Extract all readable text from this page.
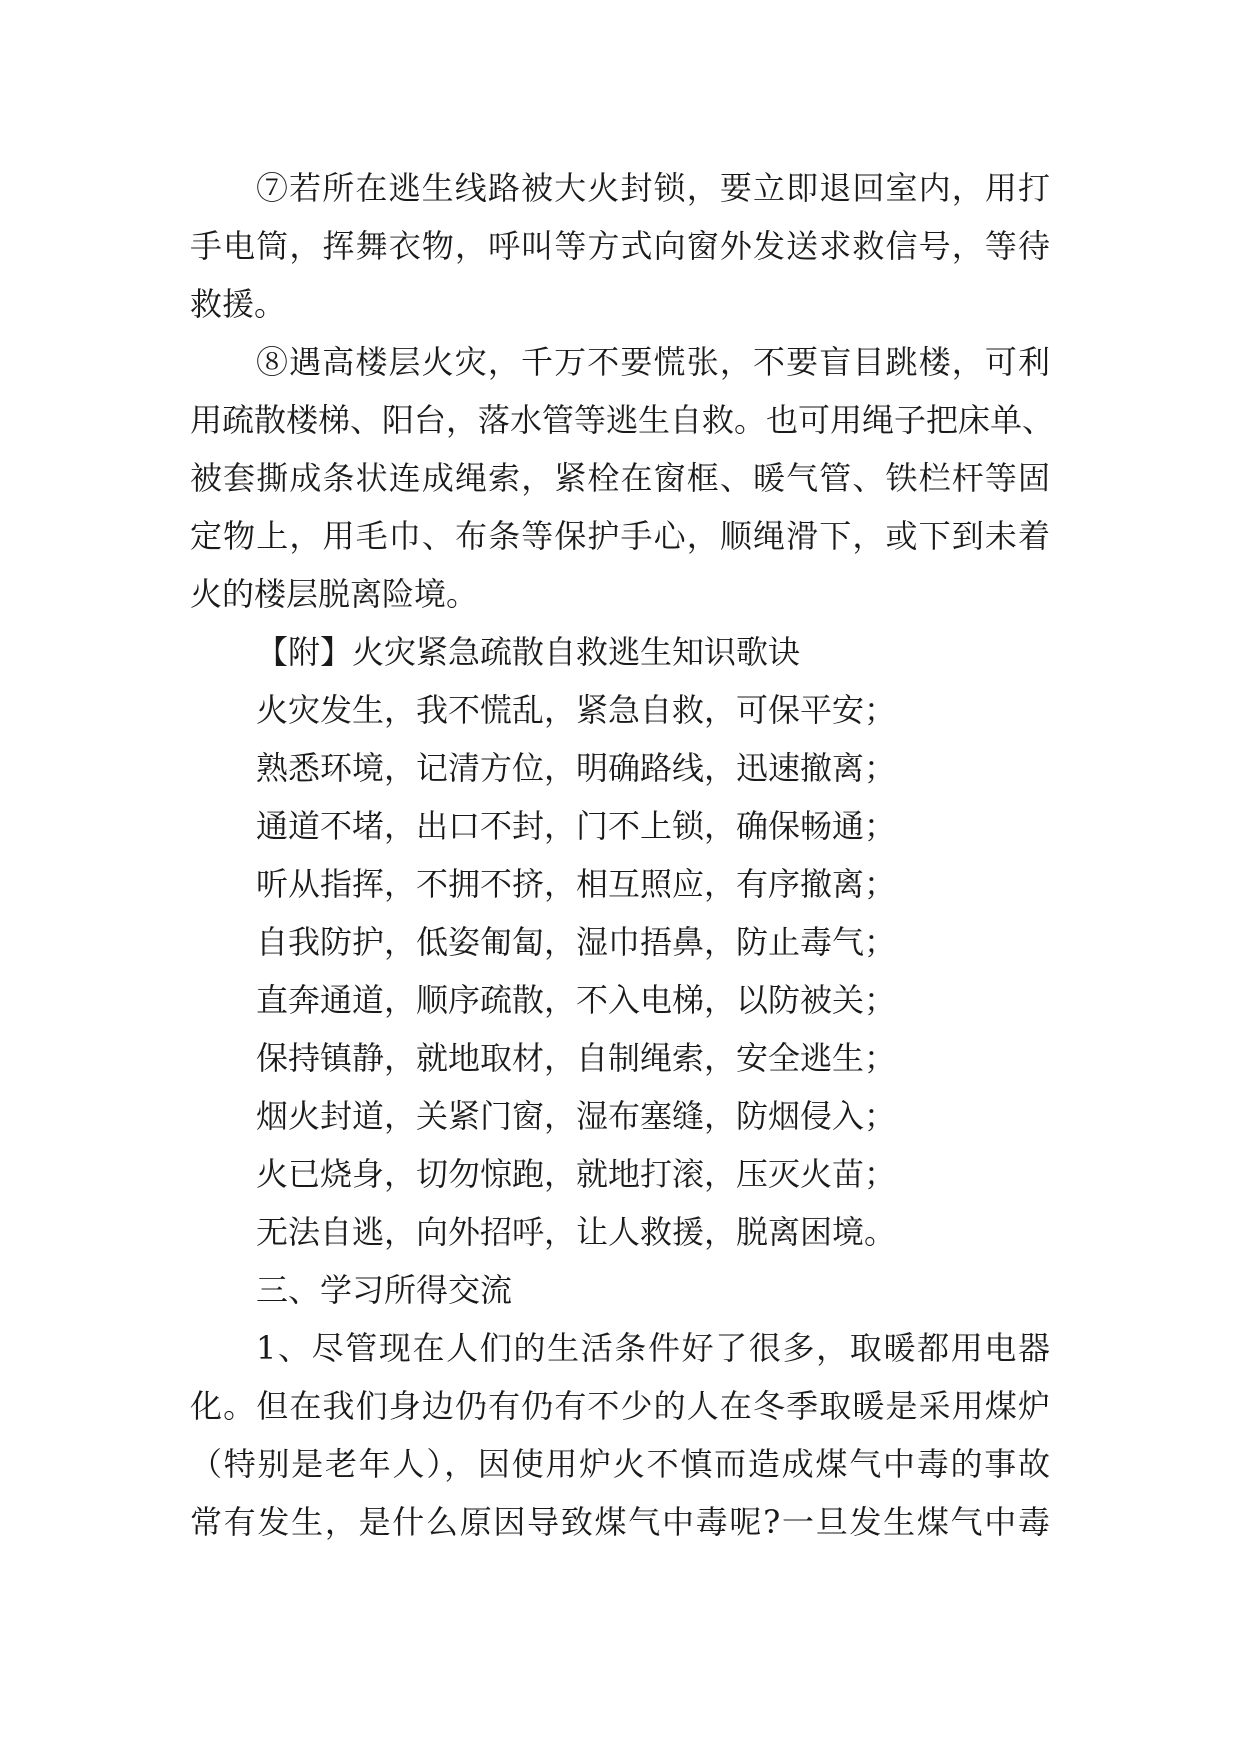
⑦若所在逃生线路被大火封锁，要立即退回室内，用打
手电筒，挥舞衣物，呼叫等方式向窗外发送求救信号，等待
救援。
⑧遇高楼层火灾，千万不要慌张，不要盲目跳楼，可利
用疏散楼梯、阳台，落水管等逃生自救。也可用绳子把床单、
被套撕成条状连成绳索，紧栓在窗框、暖气管、铁栏杆等固
定物上，用毛巾、布条等保护手心，顺绳滑下，或下到未着
火的楼层脱离险境。
【附】火灾紧急疏散自救逃生知识歌诀
火灾发生，我不慌乱，紧急自救，可保平安；
熟悉环境，记清方位，明确路线，迅速撤离；
通道不堵，出口不封，门不上锁，确保畅通；
听从指挥，不拥不挤，相互照应，有序撤离；
自我防护，低姿匍匐，湿巾捂鼻，防止毒气；
直奔通道，顺序疏散，不入电梯，以防被关；
保持镇静，就地取材，自制绳索，安全逃生；
烟火封道，关紧门窗，湿布塞缝，防烟侵入；
火已烧身，切勿惊跑，就地打滚，压灭火苗；
无法自逃，向外招呼，让人救援，脱离困境。
三、学习所得交流
1、尽管现在人们的生活条件好了很多，取暖都用电器
化。但在我们身边仍有仍有不少的人在冬季取暖是采用煤炉
（特别是老年人），因使用炉火不慎而造成煤气中毒的事故
常有发生，是什么原因导致煤气中毒呢?一旦发生煤气中毒
